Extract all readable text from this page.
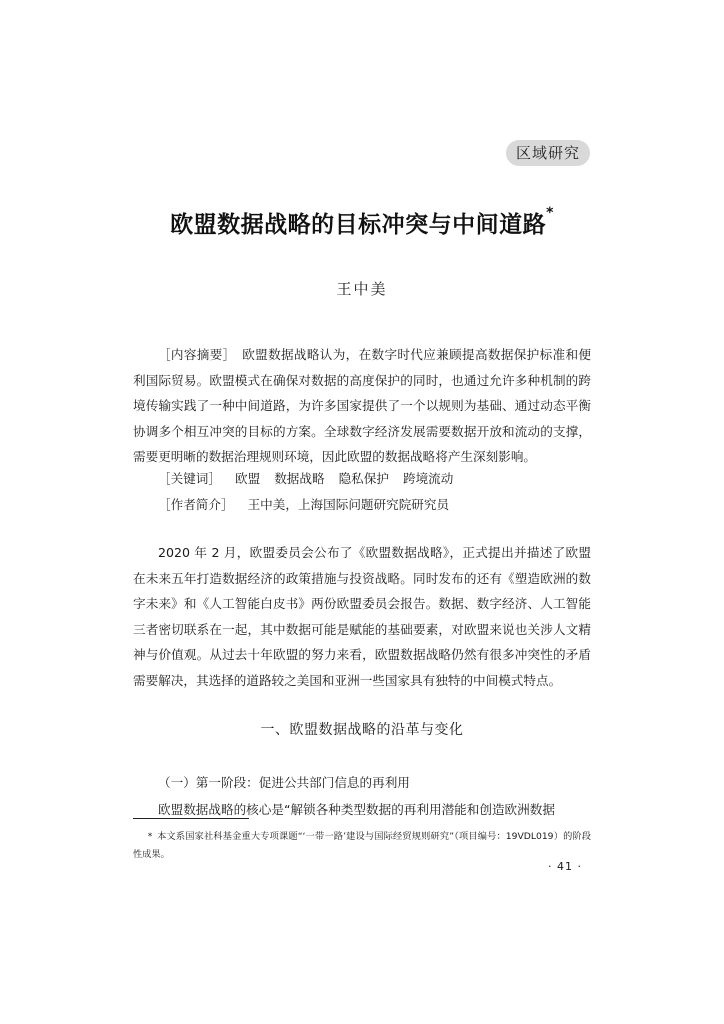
区域研究
欧盟数据战略的目标冲突与中间道路*
王中美

［内容摘要］　欧盟数据战略认为，在数字时代应兼顾提高数据保护标准和便利国际贸易。欧盟模式在确保对数据的高度保护的同时，也通过允许多种机制的跨境传输实践了一种中间道路，为许多国家提供了一个以规则为基础、通过动态平衡协调多个相互冲突的目标的方案。全球数字经济发展需要数据开放和流动的支撑，需要更明晰的数据治理规则环境，因此欧盟的数据战略将产生深刻影响。

［关键词］ 欧盟 数据战略 隐私保护 跨境流动
［作者简介］ 王中美，上海国际问题研究院研究员

2020 年 2 月，欧盟委员会公布了《欧盟数据战略》，正式提出并描述了欧盟在未来五年打造数据经济的政策措施与投资战略。同时发布的还有《塑造欧洲的数字未来》和《人工智能白皮书》两份欧盟委员会报告。数据、数字经济、人工智能三者密切联系在一起，其中数据可能是赋能的基础要素，对欧盟来说也关涉人文精神与价值观。从过去十年欧盟的努力来看，欧盟数据战略仍然有很多冲突性的矛盾需要解决，其选择的道路较之美国和亚洲一些国家具有独特的中间模式特点。

一、欧盟数据战略的沿革与变化
（一）第一阶段：促进公共部门信息的再利用
欧盟数据战略的核心是“解锁各种类型数据的再利用潜能和创造欧洲数据

* 本文系国家社科基金重大专项课题“‘一带一路’建设与国际经贸规则研究”（项目编号：19VDL019）的阶段性成果。

· 41 ·
